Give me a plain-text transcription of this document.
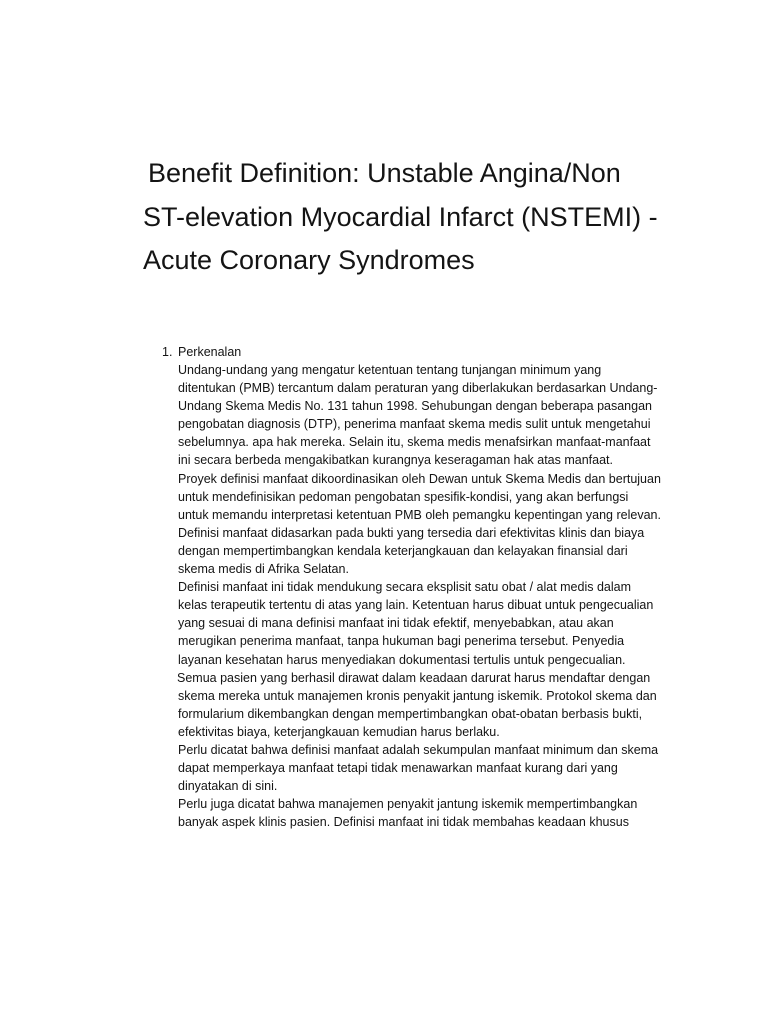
Benefit Definition: Unstable Angina/Non ST-elevation Myocardial Infarct (NSTEMI) -Acute Coronary Syndromes

1. Perkenalan

Undang-undang yang mengatur ketentuan tentang tunjangan minimum yang ditentukan (PMB) tercantum dalam peraturan yang diberlakukan berdasarkan Undang-Undang Skema Medis No. 131 tahun 1998. Sehubungan dengan beberapa pasangan pengobatan diagnosis (DTP), penerima manfaat skema medis sulit untuk mengetahui sebelumnya. apa hak mereka. Selain itu, skema medis menafsirkan manfaat-manfaat ini secara berbeda mengakibatkan kurangnya keseragaman hak atas manfaat.

Proyek definisi manfaat dikoordinasikan oleh Dewan untuk Skema Medis dan bertujuan untuk mendefinisikan pedoman pengobatan spesifik-kondisi, yang akan berfungsi untuk memandu interpretasi ketentuan PMB oleh pemangku kepentingan yang relevan.

Definisi manfaat didasarkan pada bukti yang tersedia dari efektivitas klinis dan biaya dengan mempertimbangkan kendala keterjangkauan dan kelayakan finansial dari skema medis di Afrika Selatan.

Definisi manfaat ini tidak mendukung secara eksplisit satu obat / alat medis dalam kelas terapeutik tertentu di atas yang lain. Ketentuan harus dibuat untuk pengecualian yang sesuai di mana definisi manfaat ini tidak efektif, menyebabkan, atau akan merugikan penerima manfaat, tanpa hukuman bagi penerima tersebut. Penyedia layanan kesehatan harus menyediakan dokumentasi tertulis untuk pengecualian.

Semua pasien yang berhasil dirawat dalam keadaan darurat harus mendaftar dengan skema mereka untuk manajemen kronis penyakit jantung iskemik. Protokol skema dan formularium dikembangkan dengan mempertimbangkan obat-obatan berbasis bukti, efektivitas biaya, keterjangkauan kemudian harus berlaku.

Perlu dicatat bahwa definisi manfaat adalah sekumpulan manfaat minimum dan skema dapat memperkaya manfaat tetapi tidak menawarkan manfaat kurang dari yang dinyatakan di sini.

Perlu juga dicatat bahwa manajemen penyakit jantung iskemik mempertimbangkan banyak aspek klinis pasien. Definisi manfaat ini tidak membahas keadaan khusus
